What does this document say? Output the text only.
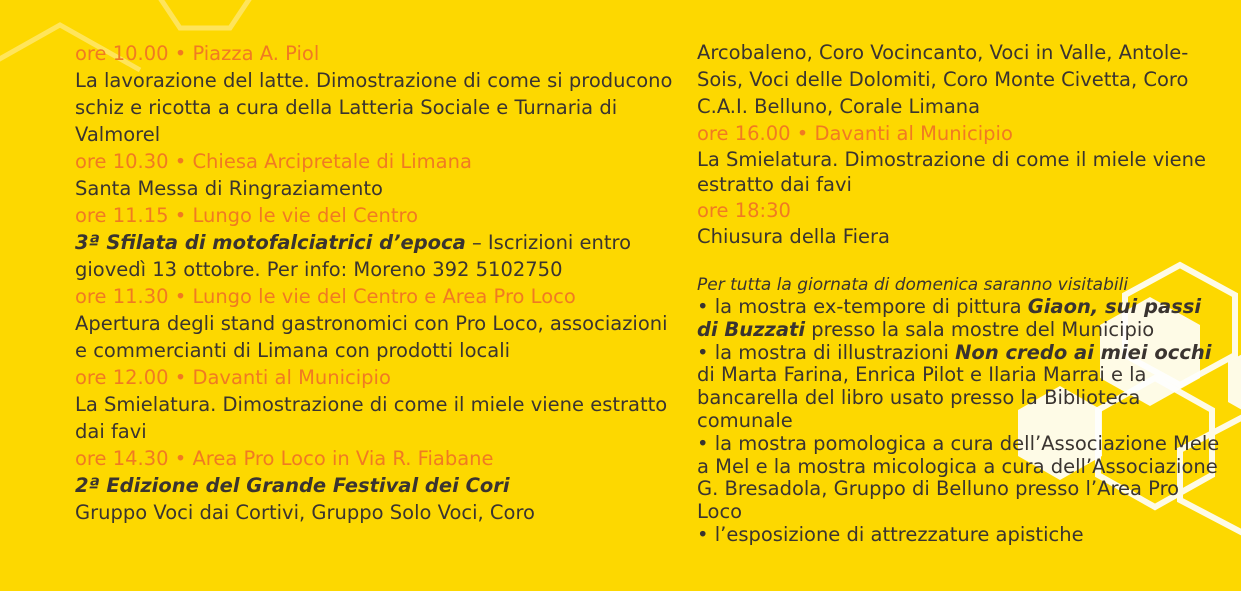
ore 10.00 • Piazza A. Piol
La lavorazione del latte. Dimostrazione di come si producono schiz e ricotta a cura della Latteria Sociale e Turnaria di Valmorel
ore 10.30 • Chiesa Arcipretale di Limana
Santa Messa di Ringraziamento
ore 11.15 • Lungo le vie del Centro
3ª Sfilata di motofalciatrici d’epoca – Iscrizioni entro giovedì 13 ottobre. Per info: Moreno 392 5102750
ore 11.30 • Lungo le vie del Centro e Area Pro Loco
Apertura degli stand gastronomici con Pro Loco, associazioni e commercianti di Limana con prodotti locali
ore 12.00 • Davanti al Municipio
La Smielatura. Dimostrazione di come il miele viene estratto dai favi
ore 14.30 • Area Pro Loco in Via R. Fiabane
2ª Edizione del Grande Festival dei Cori
Gruppo Voci dai Cortivi, Gruppo Solo Voci, Coro
Arcobaleno, Coro Vocincanto, Voci in Valle, Antole-Sois, Voci delle Dolomiti, Coro Monte Civetta, Coro C.A.I. Belluno, Corale Limana
ore 16.00 • Davanti al Municipio
La Smielatura. Dimostrazione di come il miele viene estratto dai favi
ore 18:30
Chiusura della Fiera
Per tutta la giornata di domenica saranno visitabili
• la mostra ex-tempore di pittura Giaon, sui passi di Buzzati presso la sala mostre del Municipio
• la mostra di illustrazioni Non credo ai miei occhi di Marta Farina, Enrica Pilot e Ilaria Marrai e la bancarella del libro usato presso la Biblioteca comunale
• la mostra pomologica a cura dell’Associazione Mele a Mel e la mostra micologica a cura dell’Associazione G. Bresadola, Gruppo di Belluno presso l’Area Pro Loco
• l’esposizione di attrezzature apistiche
